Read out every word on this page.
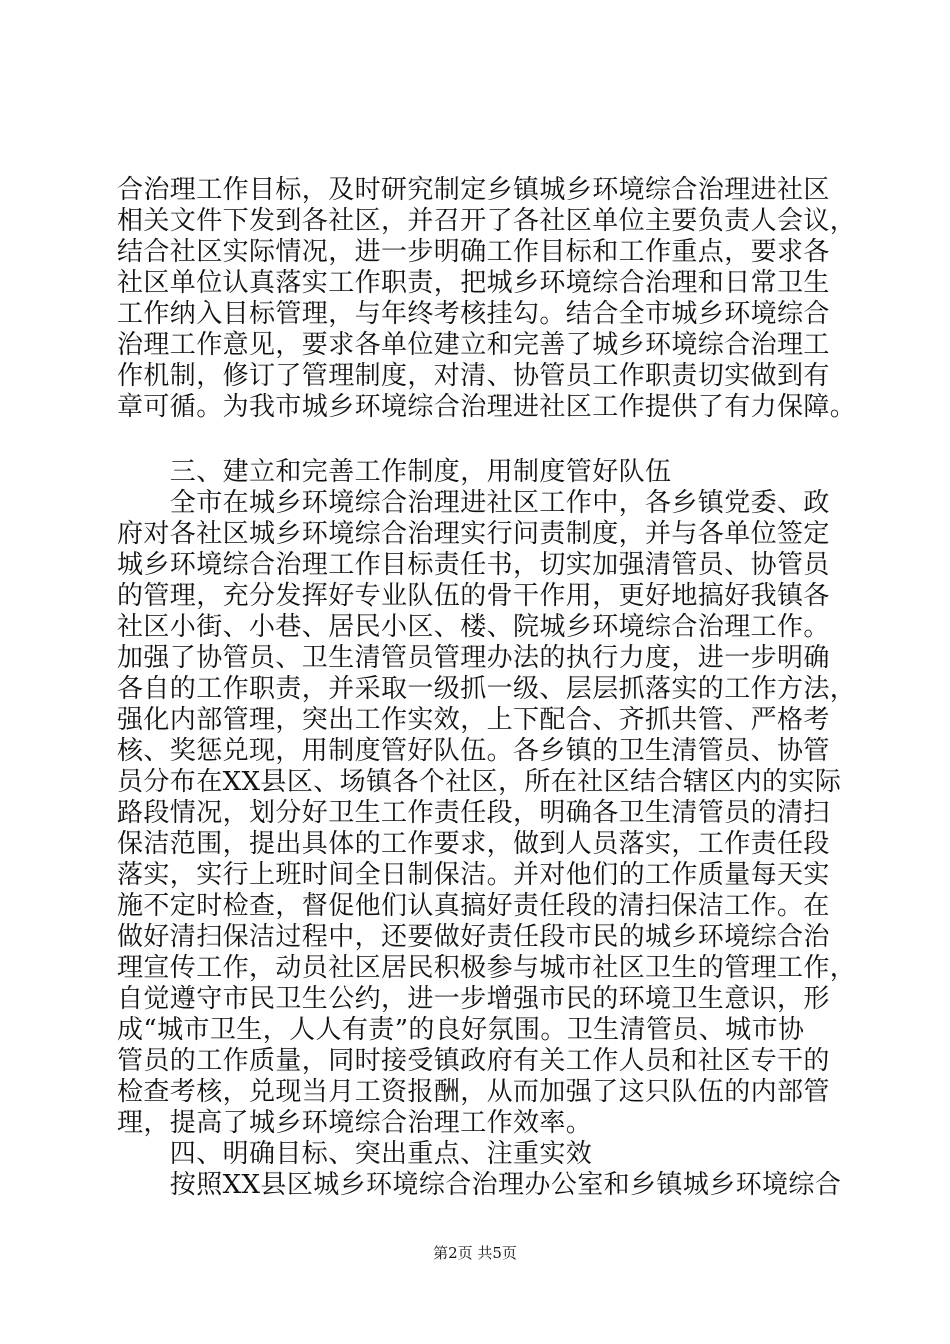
合治理工作目标，及时研究制定乡镇城乡环境综合治理进社区
相关文件下发到各社区，并召开了各社区单位主要负责人会议，
结合社区实际情况，进一步明确工作目标和工作重点，要求各
社区单位认真落实工作职责，把城乡环境综合治理和日常卫生
工作纳入目标管理，与年终考核挂勾。结合全市城乡环境综合
治理工作意见，要求各单位建立和完善了城乡环境综合治理工
作机制，修订了管理制度，对清、协管员工作职责切实做到有
章可循。为我市城乡环境综合治理进社区工作提供了有力保障。
　　三、建立和完善工作制度，用制度管好队伍
　　全市在城乡环境综合治理进社区工作中，各乡镇党委、政
府对各社区城乡环境综合治理实行问责制度，并与各单位签定
城乡环境综合治理工作目标责任书，切实加强清管员、协管员
的管理，充分发挥好专业队伍的骨干作用，更好地搞好我镇各
社区小街、小巷、居民小区、楼、院城乡环境综合治理工作。
加强了协管员、卫生清管员管理办法的执行力度，进一步明确
各自的工作职责，并采取一级抓一级、层层抓落实的工作方法，
强化内部管理，突出工作实效，上下配合、齐抓共管、严格考
核、奖惩兑现，用制度管好队伍。各乡镇的卫生清管员、协管
员分布在XX县区、场镇各个社区，所在社区结合辖区内的实际
路段情况，划分好卫生工作责任段，明确各卫生清管员的清扫
保洁范围，提出具体的工作要求，做到人员落实，工作责任段
落实，实行上班时间全日制保洁。并对他们的工作质量每天实
施不定时检查，督促他们认真搞好责任段的清扫保洁工作。在
做好清扫保洁过程中，还要做好责任段市民的城乡环境综合治
理宣传工作，动员社区居民积极参与城市社区卫生的管理工作，
自觉遵守市民卫生公约，进一步增强市民的环境卫生意识，形
成“城市卫生，人人有责”的良好氛围。卫生清管员、城市协
管员的工作质量，同时接受镇政府有关工作人员和社区专干的
检查考核，兑现当月工资报酬，从而加强了这只队伍的内部管
理，提高了城乡环境综合治理工作效率。
　　四、明确目标、突出重点、注重实效
　　按照XX县区城乡环境综合治理办公室和乡镇城乡环境综合
第2页 共5页
